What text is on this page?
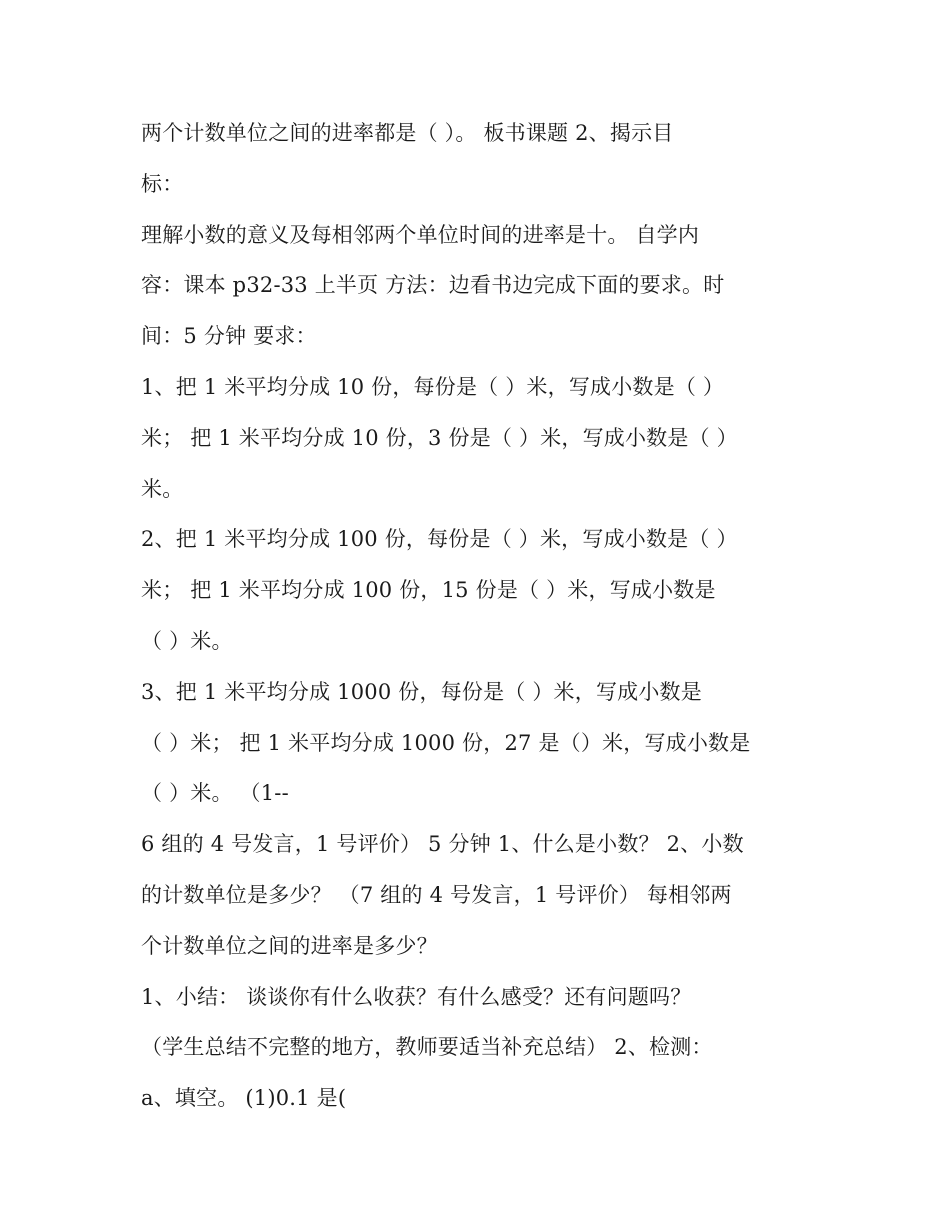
两个计数单位之间的进率都是（ ）。 板书课题 2、揭示目
标：
理解小数的意义及每相邻两个单位时间的进率是十。 自学内
容：课本 p32-33 上半页 方法：边看书边完成下面的要求。时
间：5 分钟 要求：
1、把 1 米平均分成 10 份，每份是（ ）米，写成小数是（ ）
米； 把 1 米平均分成 10 份，3 份是（ ）米，写成小数是（ ）
米。
2、把 1 米平均分成 100 份，每份是（ ）米，写成小数是（ ）
米； 把 1 米平均分成 100 份，15 份是（ ）米，写成小数是
（ ）米。
3、把 1 米平均分成 1000 份，每份是（ ）米，写成小数是
（ ）米； 把 1 米平均分成 1000 份，27 是（）米，写成小数是
（ ）米。 （1--
6 组的 4 号发言，1 号评价） 5 分钟 1、什么是小数？ 2、小数
的计数单位是多少？ （7 组的 4 号发言，1 号评价） 每相邻两
个计数单位之间的进率是多少？
1、小结： 谈谈你有什么收获？有什么感受？还有问题吗？
（学生总结不完整的地方，教师要适当补充总结） 2、检测：
a、填空。 (1)0.1 是(
